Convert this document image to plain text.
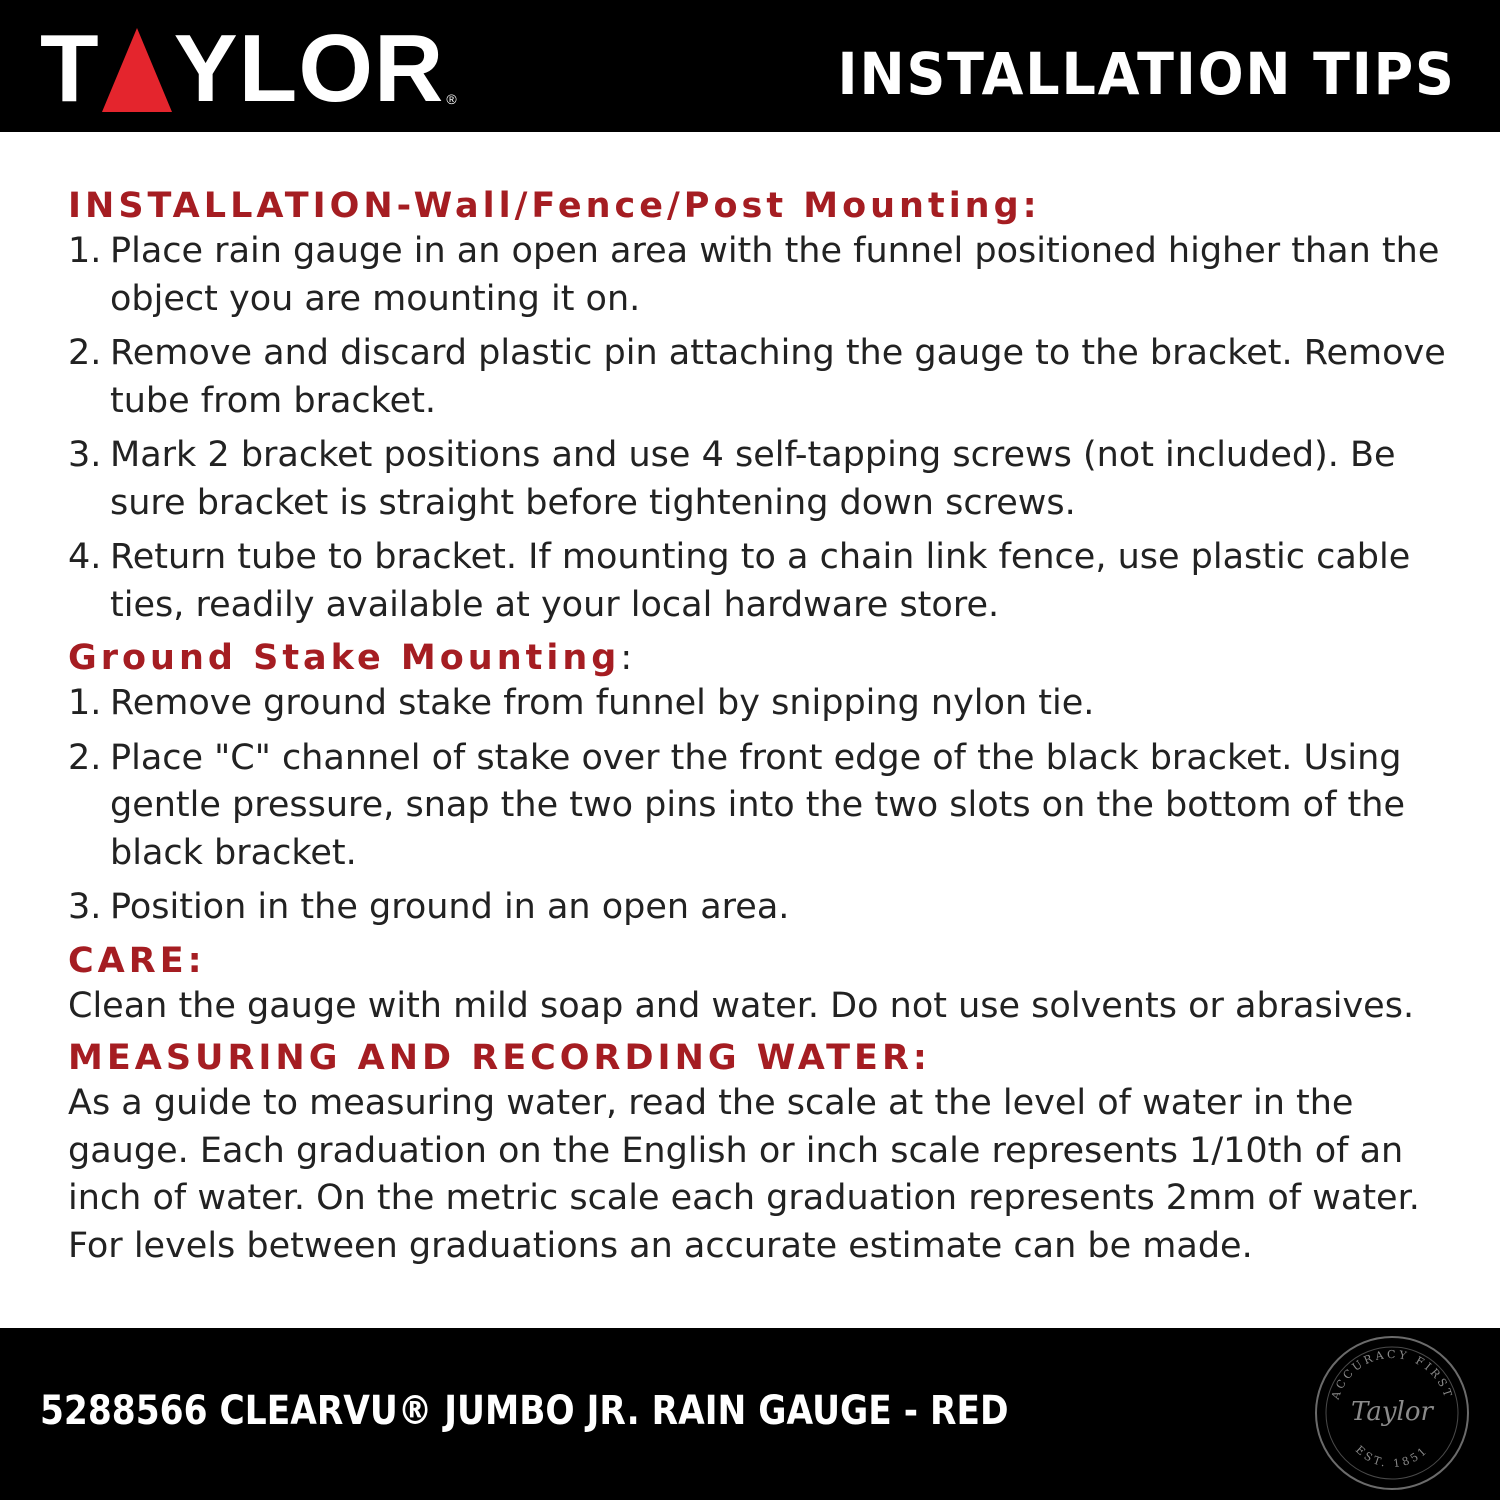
T YLOR ®	INSTALLATION TIPS

INSTALLATION-Wall/Fence/Post Mounting:

1. Place rain gauge in an open area with the funnel positioned higher than the object you are mounting it on.
2. Remove and discard plastic pin attaching the gauge to the bracket. Remove tube from bracket.
3. Mark 2 bracket positions and use 4 self-tapping screws (not included). Be sure bracket is straight before tightening down screws.
4. Return tube to bracket. If mounting to a chain link fence, use plastic cable ties, readily available at your local hardware store.

Ground Stake Mounting:

1. Remove ground stake from funnel by snipping nylon tie.
2. Place "C" channel of stake over the front edge of the black bracket. Using gentle pressure, snap the two pins into the two slots on the bottom of the black bracket.
3. Position in the ground in an open area.

CARE:

Clean the gauge with mild soap and water. Do not use solvents or abrasives.

MEASURING AND RECORDING WATER:

As a guide to measuring water, read the scale at the level of water in the gauge. Each graduation on the English or inch scale represents 1/10th of an inch of water. On the metric scale each graduation represents 2mm of water. For levels between graduations an accurate estimate can be made.

5288566 CLEARVU® JUMBO JR. RAIN GAUGE - RED	ACCURACY FIRST
Taylor
EST. 1851
